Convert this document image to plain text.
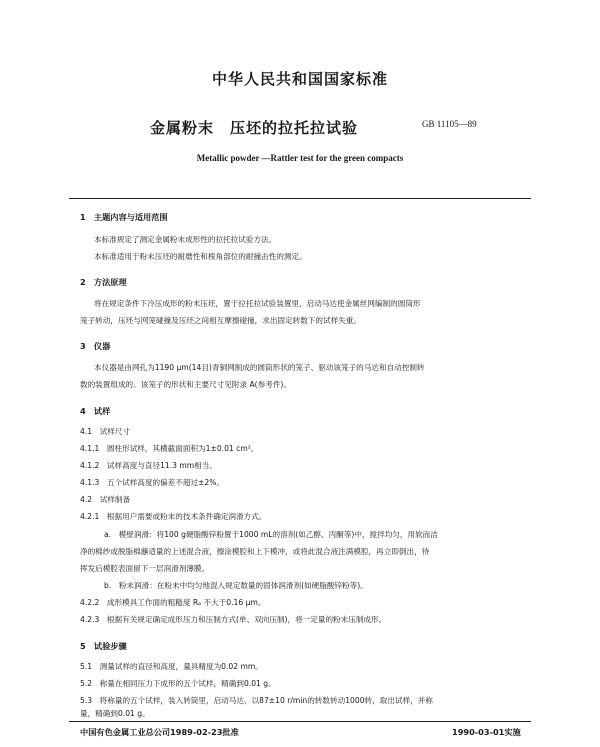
中华人民共和国国家标准
金属粉末　压坯的拉托拉试验	GB 11105—89
Metallic powder —Rattler test for the green compacts
1　主题内容与适用范围
本标准规定了测定金属粉末成形性的拉托拉试验方法。
本标准适用于粉末压坯的耐磨性和棱角部位的耐撞击性的测定。
2　方法原理
将在规定条件下冷压成形的粉末压坯，置于拉托拉试验装置里，启动马达使金属丝网编制的圆筒形
笼子转动，压坯与网笼碰撞及压坯之间相互摩擦碰撞，求出固定转数下的试样失重。
3　仪器
本仪器是由网孔为1190 μm(14目)青铜网制成的圆筒形状的笼子、驱动该笼子的马达和自动控制转
数的装置组成的。该笼子的形状和主要尺寸见附录 A(参考件)。
4　试样
4.1　试样尺寸
4.1.1　圆柱形试样，其横截面面积为1±0.01 cm²。
4.1.2　试样高度与直径11.3 mm相当。
4.1.3　五个试样高度的偏差不超过±2%。
4.2　试样制备
4.2.1　根据用户需要或粉末的技术条件确定润滑方式。
a.　模壁润滑：将100 g硬脂酸锌粉置于1000 mL的溶剂(如乙醇、丙酮等)中，搅拌均匀，用软而洁
净的棉纱或脱脂棉蘸适量的上述混合液，擦涂模腔和上下模冲，或将此混合液注满模腔，再立即倒出，待
挥发后模腔表面留下一层润滑剂薄膜。
b.　粉末润滑：在粉末中均匀地混入规定数量的固体润滑剂(如硬脂酸锌粉等)。
4.2.2　成形模具工作面的粗糙度 Rₐ 不大于0.16 μm。
4.2.3　根据有关规定确定成形压力和压制方式(单、双向压制)，将一定量的粉末压制成形。
5　试验步骤
5.1　测量试样的直径和高度，量具精度为0.02 mm。
5.2　称量在相同压力下成形的五个试样，精确到0.01 g。
5.3　将称量的五个试样，装入转筒里，启动马达，以87±10 r/min的转数转动1000转，取出试样，并称
量，精确到0.01 g。
中国有色金属工业总公司1989-02-23批准	1990-03-01实施
